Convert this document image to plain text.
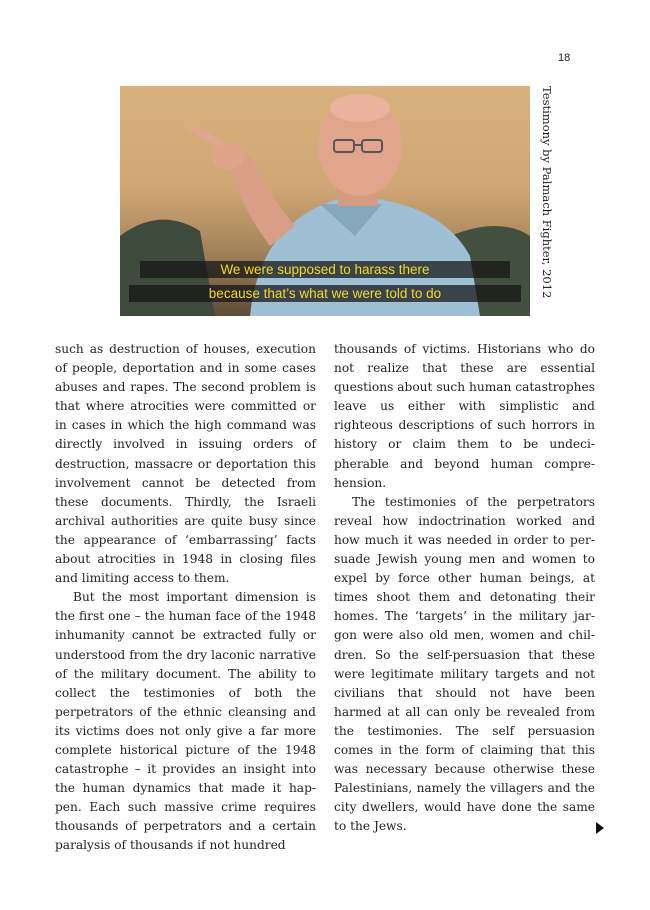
18
We were supposed to harass there
because that’s what we were told to do	Testimony by Palmach Fighter, 2012

such as destruction of houses, execution of people, deportation and in some cases abuses and rapes. The second problem is that where atrocities were committed or in cases in which the high command was directly involved in issuing orders of destruction, massacre or deportation this involvement cannot be detected from these documents. Thirdly, the Israeli archival authorities are quite busy since the appearance of ‘embarrassing’ facts about atrocities in 1948 in closing files and limiting access to them.

But the most important dimension is the first one – the human face of the 1948 inhumanity cannot be extracted fully or understood from the dry laconic narrative of the military document. The ability to collect the testimonies of both the perpetrators of the ethnic cleansing and its victims does not only give a far more complete historical picture of the 1948 catastrophe – it provides an insight into the human dynamics that made it happen. Each such massive crime requires thousands of perpetrators and a certain paralysis of thousands if not hundred

thousands of victims. Historians who do not realize that these are essential questions about such human catastrophes leave us either with simplistic and righteous descriptions of such horrors in history or claim them to be undecipherable and beyond human comprehension.

The testimonies of the perpetrators reveal how indoctrination worked and how much it was needed in order to persuade Jewish young men and women to expel by force other human beings, at times shoot them and detonating their homes. The ‘targets’ in the military jargon were also old men, women and children. So the self-persuasion that these were legitimate military targets and not civilians that should not have been harmed at all can only be revealed from the testimonies. The self persuasion comes in the form of claiming that this was necessary because otherwise these Palestinians, namely the villagers and the city dwellers, would have done the same to the Jews.
